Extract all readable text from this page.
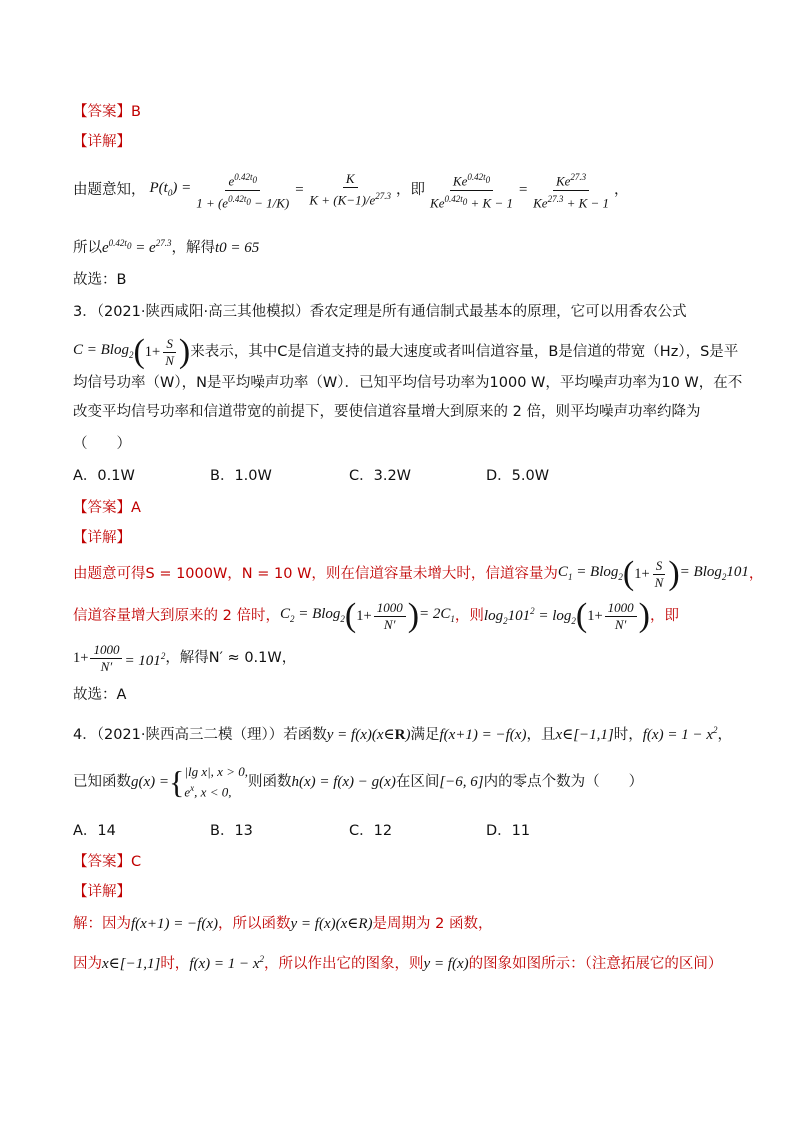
【答案】B
【详解】
由题意知， $P(t_0) = \frac{e^{0.42t_0}}{1 + (e^{0.42t_0} - 1/K)} = \frac{K}{K + (K-1)/e^{27.3}}$ ，即 $\frac{Ke^{0.42t_0}}{Ke^{0.42t_0} + K - 1} = \frac{Ke^{27.3}}{Ke^{27.3} + K - 1}$ ，
所以$e^{0.42t_0} = e^{27.3}$，解得t0 = 65
故选：B
3．（2021·陕西咸阳·高三其他模拟）香农定理是所有通信制式最基本的原理，它可以用香农公式
C = Blog$_2$ ( $1+ \frac{S}{N}$ ) 来表示，其中C是信道支持的最大速度或者叫信道容量，B是信道的带宽（Hz），S是平
均信号功率（W），N是平均噪声功率（W）．已知平均信号功率为1000 W，平均噪声功率为10 W，在不
改变平均信号功率和信道带宽的前提下，要使信道容量增大到原来的 2 倍，则平均噪声功率约降为
（　　）
A．0.1W	B．1.0W	C．3.2W	D．5.0W
【答案】A
【详解】
由题意可得S = 1000W，N = 10 W，则在信道容量未增大时，信道容量为 $C_1 = Blog_2$ ( $1+ \frac{S}{N}$ ) = Blog$_2$101 ，
信道容量增大到原来的 2 倍时， $C_2 = Blog_2$ ( $1+ \frac{1000}{N'}$ ) = $2C_1$ ，则 $\log_2101^2 = \log_2$ ( $1+ \frac{1000}{N'}$ ) ，即
$1+ \frac{1000}{N'} = 101^2$ ，解得N′ ≈ 0.1W，
故选：A
4．（2021·陕西高三二模（理））若函数y = f(x)(x∈R)满足f(x+1) = −f(x)，且x∈[−1,1]时，$f(x) = 1 - x^2$，
已知函数 g(x) = { |lg x|, x > 0,
$e^x$, x < 0,
则函数 h(x) = f(x) − g(x) 在区间 [−6, 6] 内的零点个数为（　　）
A．14	B．13	C．12	D．11
【答案】C
【详解】
解：因为f(x+1) = −f(x)，所以函数y = f(x)(x∈R)是周期为 2 函数，
因为x∈[−1,1]时，$f(x) = 1 - x^2$，所以作出它的图象，则y = f(x)的图象如图所示：（注意拓展它的区间）
